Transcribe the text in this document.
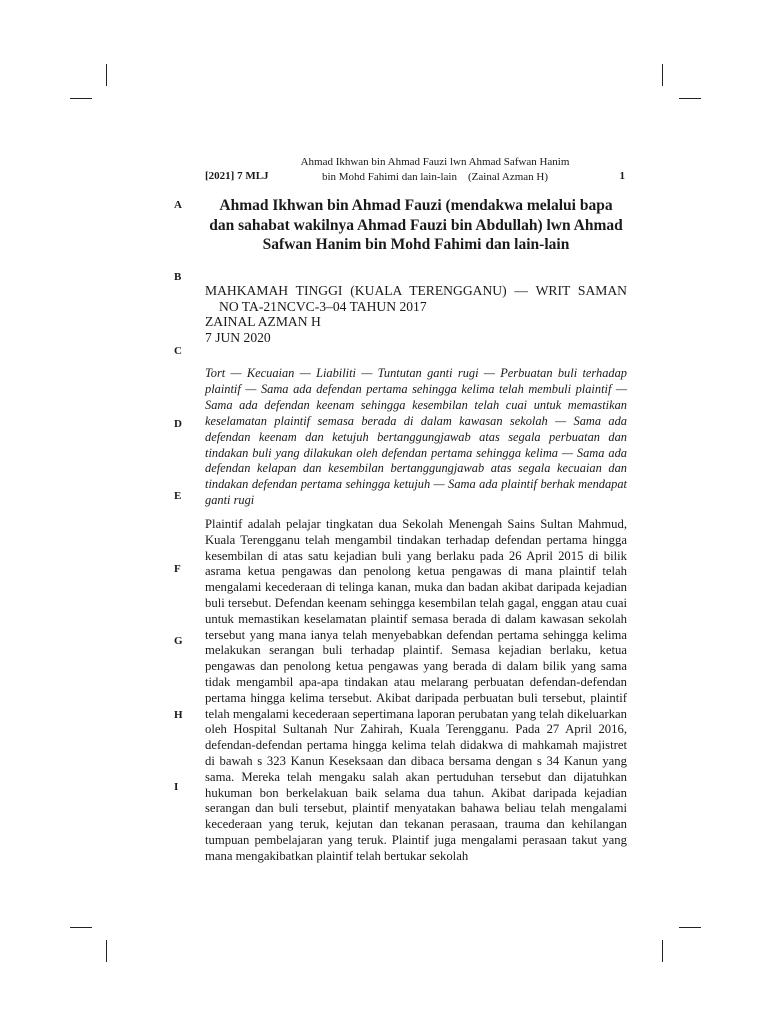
[2021] 7 MLJ
Ahmad Ikhwan bin Ahmad Fauzi lwn Ahmad Safwan Hanim
bin Mohd Fahimi dan lain-lain    (Zainal Azman H)	1
A
B
C
D
E
F
G
H
I
Ahmad Ikhwan bin Ahmad Fauzi (mendakwa melalui bapa dan sahabat wakilnya Ahmad Fauzi bin Abdullah) lwn Ahmad Safwan Hanim bin Mohd Fahimi dan lain-lain
MAHKAMAH TINGGI (KUALA TERENGGANU) — WRIT SAMAN
NO TA-21NCVC-3–04 TAHUN 2017
ZAINAL AZMAN H
7 JUN 2020

Tort — Kecuaian — Liabiliti — Tuntutan ganti rugi — Perbuatan buli terhadap plaintif — Sama ada defendan pertama sehingga kelima telah membuli plaintif — Sama ada defendan keenam sehingga kesembilan telah cuai untuk memastikan keselamatan plaintif semasa berada di dalam kawasan sekolah — Sama ada defendan keenam dan ketujuh bertanggungjawab atas segala perbuatan dan tindakan buli yang dilakukan oleh defendan pertama sehingga kelima — Sama ada defendan kelapan dan kesembilan bertanggungjawab atas segala kecuaian dan tindakan defendan pertama sehingga ketujuh — Sama ada plaintif berhak mendapat ganti rugi

Plaintif adalah pelajar tingkatan dua Sekolah Menengah Sains Sultan Mahmud, Kuala Terengganu telah mengambil tindakan terhadap defendan pertama hingga kesembilan di atas satu kejadian buli yang berlaku pada 26 April 2015 di bilik asrama ketua pengawas dan penolong ketua pengawas di mana plaintif telah mengalami kecederaan di telinga kanan, muka dan badan akibat daripada kejadian buli tersebut. Defendan keenam sehingga kesembilan telah gagal, enggan atau cuai untuk memastikan keselamatan plaintif semasa berada di dalam kawasan sekolah tersebut yang mana ianya telah menyebabkan defendan pertama sehingga kelima melakukan serangan buli terhadap plaintif. Semasa kejadian berlaku, ketua pengawas dan penolong ketua pengawas yang berada di dalam bilik yang sama tidak mengambil apa-apa tindakan atau melarang perbuatan defendan-defendan pertama hingga kelima tersebut. Akibat daripada perbuatan buli tersebut, plaintif telah mengalami kecederaan sepertimana laporan perubatan yang telah dikeluarkan oleh Hospital Sultanah Nur Zahirah, Kuala Terengganu. Pada 27 April 2016, defendan-defendan pertama hingga kelima telah didakwa di mahkamah majistret di bawah s 323 Kanun Keseksaan dan dibaca bersama dengan s 34 Kanun yang sama. Mereka telah mengaku salah akan pertuduhan tersebut dan dijatuhkan hukuman bon berkelakuan baik selama dua tahun. Akibat daripada kejadian serangan dan buli tersebut, plaintif menyatakan bahawa beliau telah mengalami kecederaan yang teruk, kejutan dan tekanan perasaan, trauma dan kehilangan tumpuan pembelajaran yang teruk. Plaintif juga mengalami perasaan takut yang mana mengakibatkan plaintif telah bertukar sekolah
